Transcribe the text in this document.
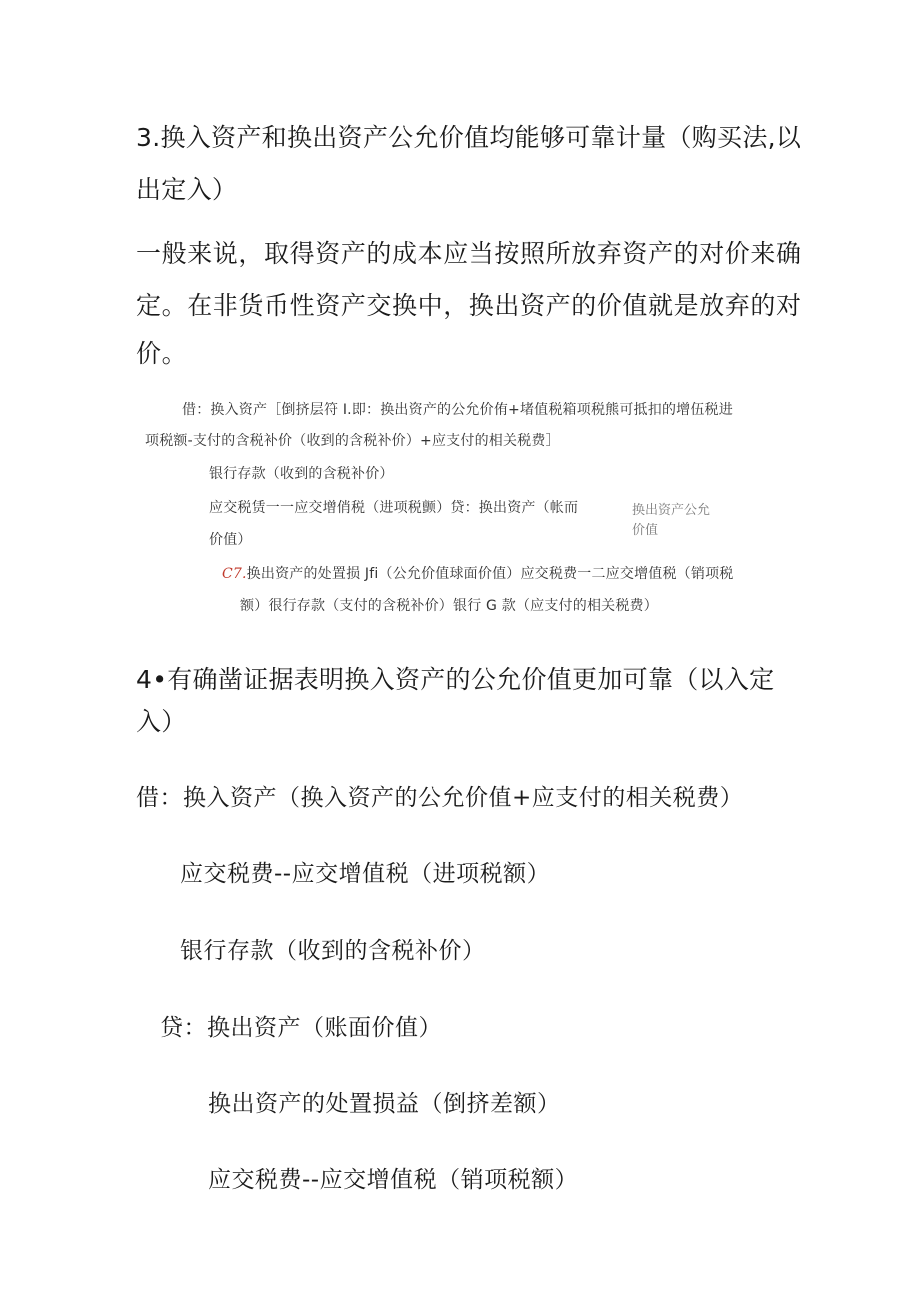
3.换入资产和换出资产公允价值均能够可靠计量（购买法,以
出定入）
一般来说，取得资产的成本应当按照所放弃资产的对价来确
定。在非货币性资产交换中，换出资产的价值就是放弃的对
价。
借：换入资产［倒挤层符 I.即：换出资产的公允价侑+堵值税箱项税熊可抵扣的增伍税进
项税额-支付的含税补价（收到的含税补价）+应支付的相关税费］
银行存款（收到的含税补价）
应交税赁一一应交增俏税（进项税颤）贷：换出资产（帐而
价值）
换出资产公允价值
C7.换出资产的处置损 Jfi（公允价值球面价值）应交税费一二应交增值税（销项税
额）很行存款（支付的含税补价）银行 G 款（应支付的相关税费）
4•有确凿证据表明换入资产的公允价值更加可靠（以入定
入）
借：换入资产（换入资产的公允价值+应支付的相关税费）
应交税费--应交增值税（进项税额）
银行存款（收到的含税补价）
贷：换出资产（账面价值）
换出资产的处置损益（倒挤差额）
应交税费--应交增值税（销项税额）
